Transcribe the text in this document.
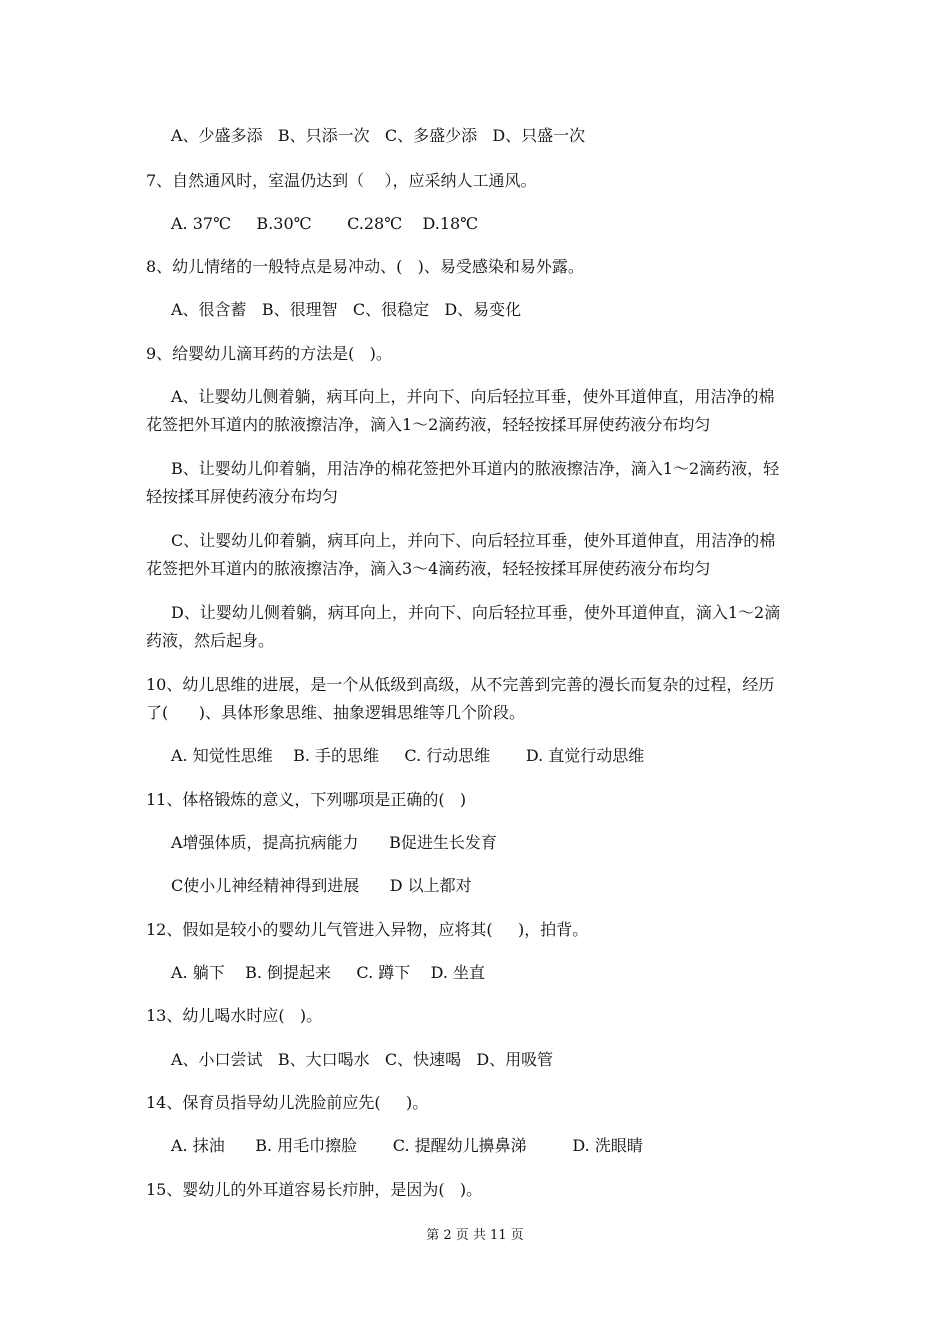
A、少盛多添   B、只添一次   C、多盛少添   D、只盛一次

7、自然通风时，室温仍达到（    ），应采纳人工通风。

A. 37℃     B.30℃       C.28℃    D.18℃

8、幼儿情绪的一般特点是易冲动、(   )、易受感染和易外露。

A、很含蓄   B、很理智   C、很稳定   D、易变化

9、给婴幼儿滴耳药的方法是(   )。

A、让婴幼儿侧着躺，病耳向上，并向下、向后轻拉耳垂，使外耳道伸直，用洁净的棉

花签把外耳道内的脓液擦洁净，滴入1～2滴药液，轻轻按揉耳屏使药液分布均匀

B、让婴幼儿仰着躺，用洁净的棉花签把外耳道内的脓液擦洁净，滴入1～2滴药液，轻

轻按揉耳屏使药液分布均匀

C、让婴幼儿仰着躺，病耳向上，并向下、向后轻拉耳垂，使外耳道伸直，用洁净的棉

花签把外耳道内的脓液擦洁净，滴入3～4滴药液，轻轻按揉耳屏使药液分布均匀

D、让婴幼儿侧着躺，病耳向上，并向下、向后轻拉耳垂，使外耳道伸直，滴入1～2滴

药液，然后起身。

10、幼儿思维的进展，是一个从低级到高级，从不完善到完善的漫长而复杂的过程，经历

了(      )、具体形象思维、抽象逻辑思维等几个阶段。

A. 知觉性思维    B. 手的思维     C. 行动思维       D. 直觉行动思维

11、体格锻炼的意义，下列哪项是正确的(   )

A增强体质，提高抗病能力      B促进生长发育

C使小儿神经精神得到进展      D 以上都对

12、假如是较小的婴幼儿气管进入异物，应将其(     )，拍背。

A. 躺下    B. 倒提起来     C. 蹲下    D. 坐直

13、幼儿喝水时应(   )。

A、小口尝试   B、大口喝水   C、快速喝   D、用吸管

14、保育员指导幼儿洗脸前应先(     )。

A. 抹油      B. 用毛巾擦脸       C. 提醒幼儿擤鼻涕         D. 洗眼睛

15、婴幼儿的外耳道容易长疖肿，是因为(   )。

第 2 页 共 11 页
